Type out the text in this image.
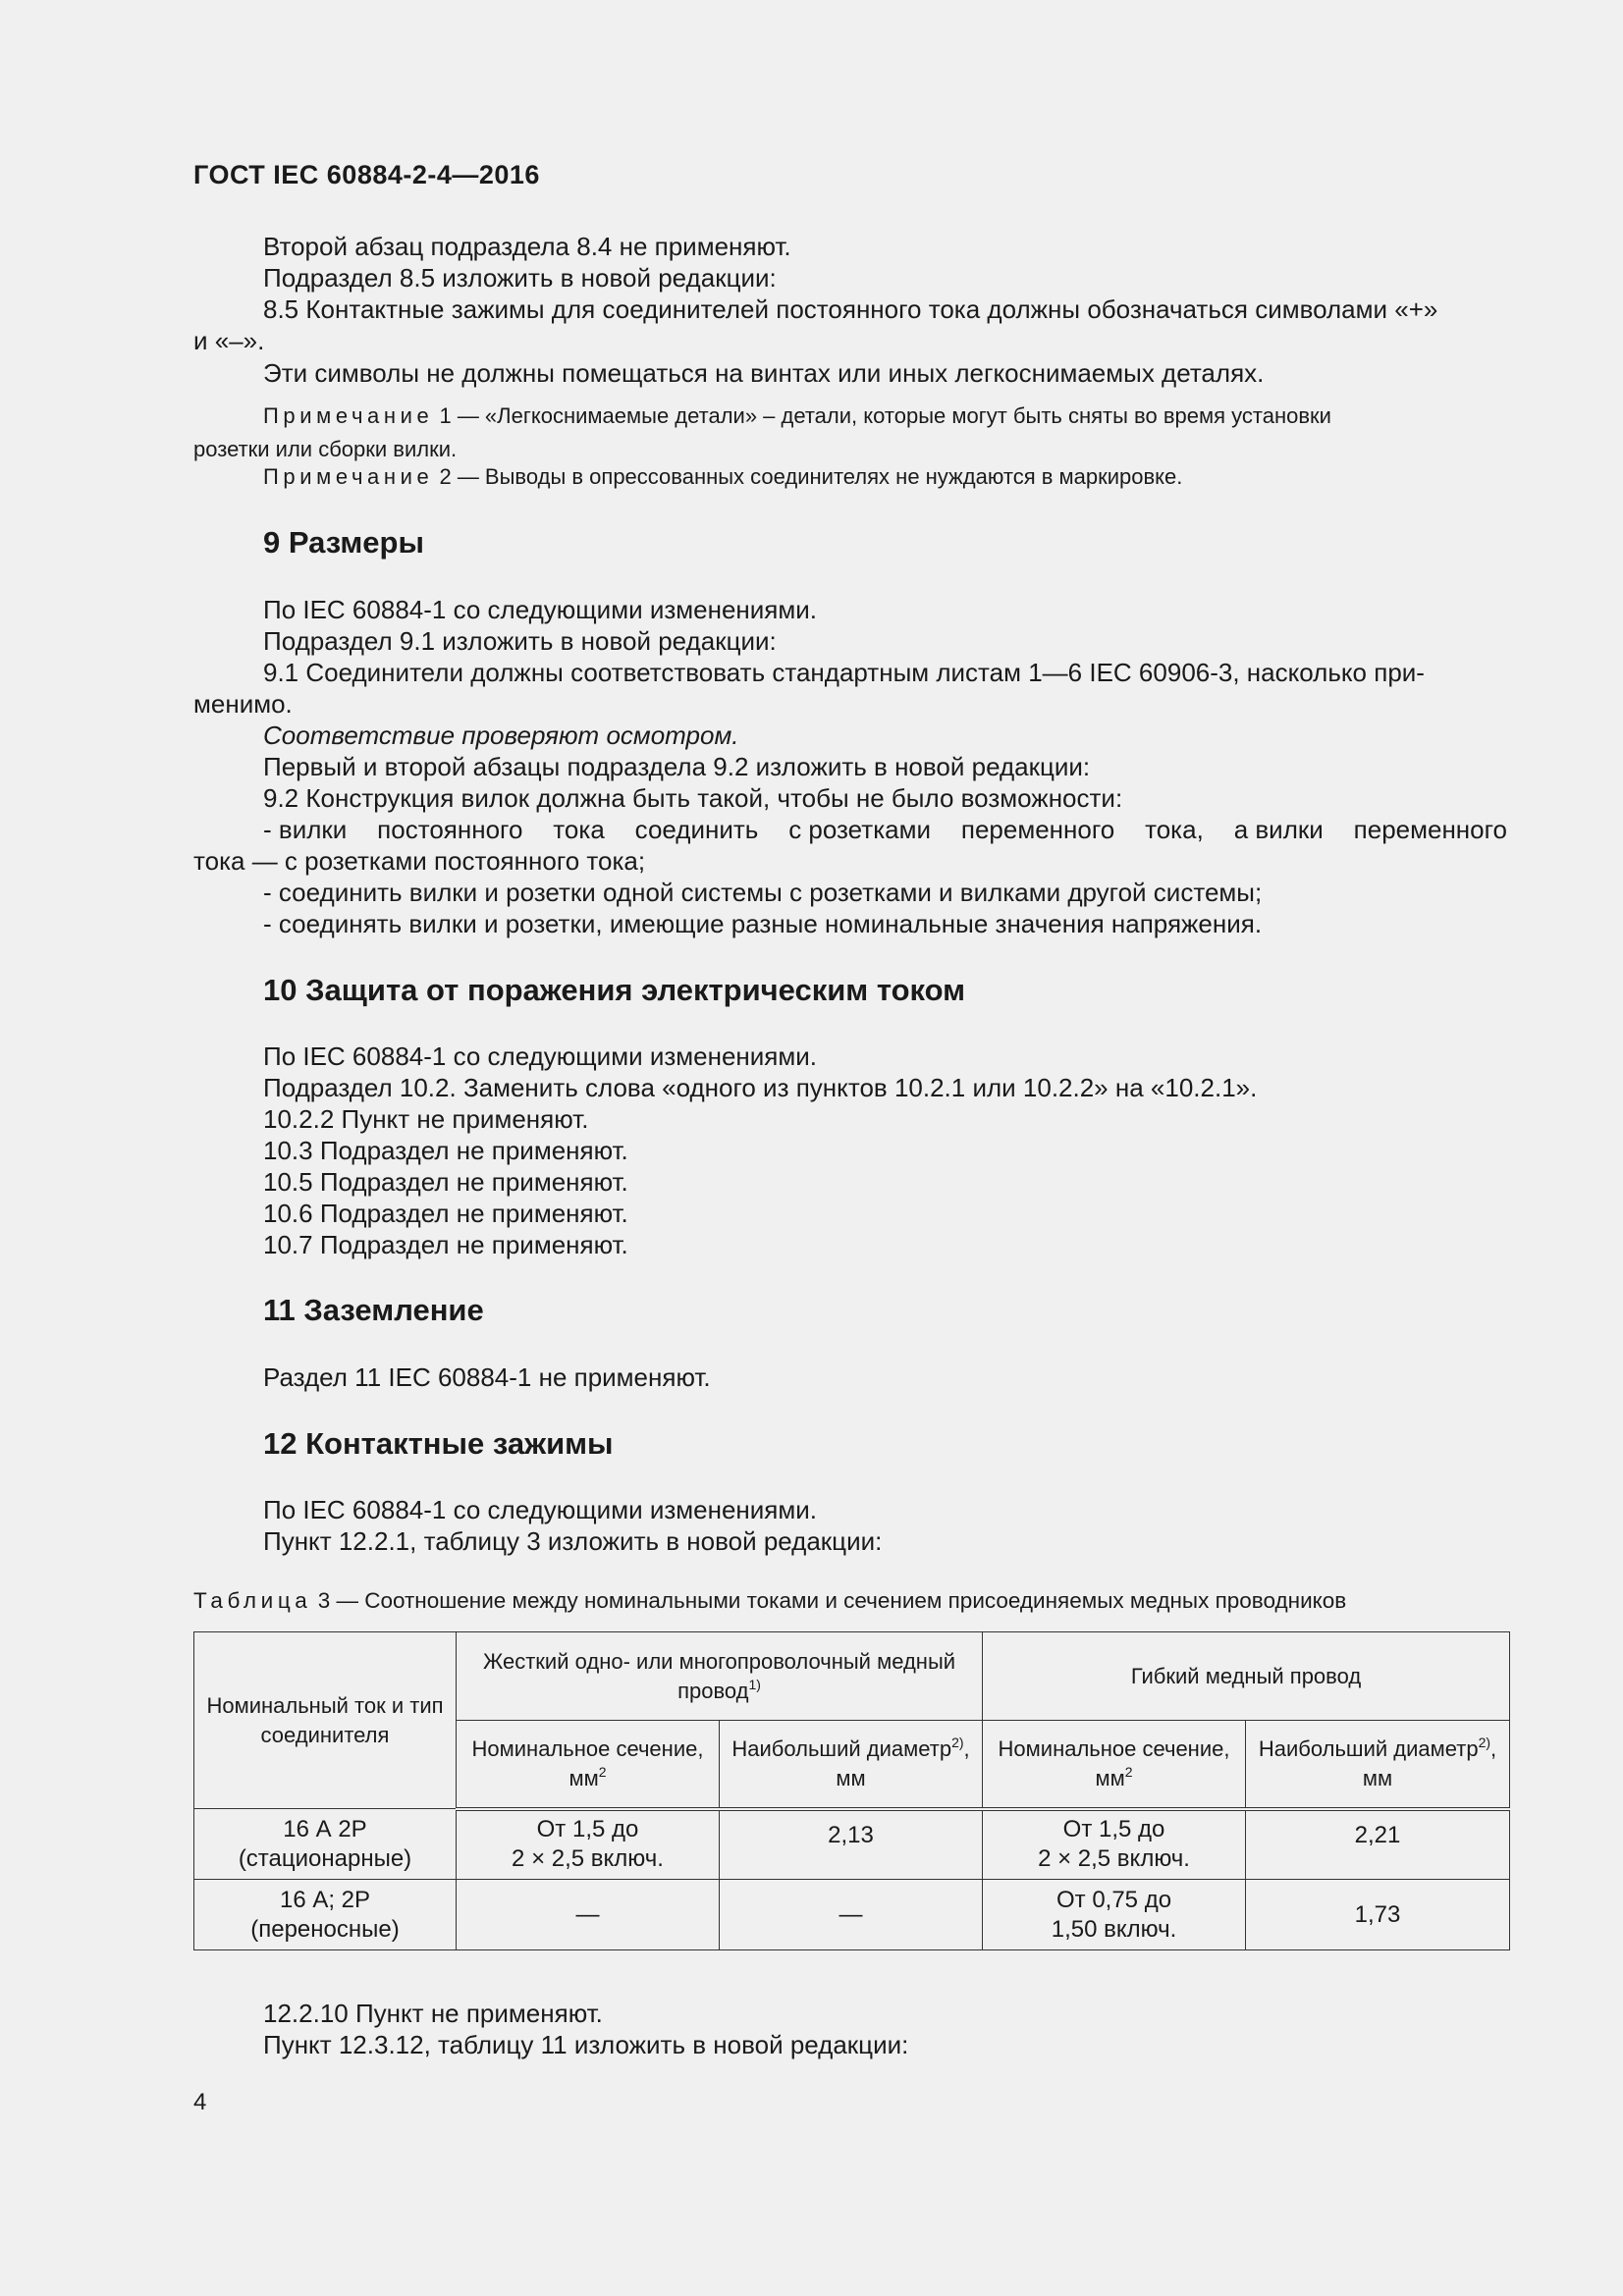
ГОСТ IEC 60884-2-4—2016
Второй абзац подраздела 8.4 не применяют.
Подраздел 8.5 изложить в новой редакции:
8.5 Контактные зажимы для соединителей постоянного тока должны обозначаться символами «+»
и «–».
Эти символы не должны помещаться на винтах или иных легкоснимаемых деталях.
Примечание 1 — «Легкоснимаемые детали» – детали, которые могут быть сняты во время установки
розетки или сборки вилки.
Примечание 2 — Выводы в опрессованных соединителях не нуждаются в маркировке.
9 Размеры
По IEC 60884-1 со следующими изменениями.
Подраздел 9.1 изложить в новой редакции:
9.1 Соединители должны соответствовать стандартным листам 1—6 IEC 60906-3, насколько при-
менимо.
Соответствие проверяют осмотром.
Первый и второй абзацы подраздела 9.2 изложить в новой редакции:
9.2 Конструкция вилок должна быть такой, чтобы не было возможности:
- вилки постоянного тока соединить с розетками переменного тока, а вилки переменного
тока — с розетками постоянного тока;
- соединить вилки и розетки одной системы с розетками и вилками другой системы;
- соединять вилки и розетки, имеющие разные номинальные значения напряжения.
10 Защита от поражения электрическим током
По IEC 60884-1 со следующими изменениями.
Подраздел 10.2. Заменить слова «одного из пунктов 10.2.1 или 10.2.2» на «10.2.1».
10.2.2 Пункт не применяют.
10.3 Подраздел не применяют.
10.5 Подраздел не применяют.
10.6 Подраздел не применяют.
10.7 Подраздел не применяют.
11 Заземление
Раздел 11 IEC 60884-1 не применяют.
12 Контактные зажимы
По IEC 60884-1 со следующими изменениями.
Пункт 12.2.1, таблицу 3 изложить в новой редакции:
Таблица 3 — Соотношение между номинальными токами и сечением присоединяемых медных проводников
Номинальный ток и тип соединителя	Жесткий одно- или многопроволочный медный провод$^{1)}$		Гибкий медный провод	
	Номинальное сечение,
$мм^2$	Наибольший диаметр$^{2)}$,
мм	Номинальное сечение,
$мм^2$	Наибольший диаметр$^{2)}$,
мм
16 А 2Р
(стационарные)	От 1,5 до
2 × 2,5 включ.	2,13	От 1,5 до
2 × 2,5 включ.	2,21
16 А; 2Р
(переносные)	—	—	От 0,75 до
1,50 включ.	1,73
12.2.10 Пункт не применяют.
Пункт 12.3.12, таблицу 11 изложить в новой редакции:
4
